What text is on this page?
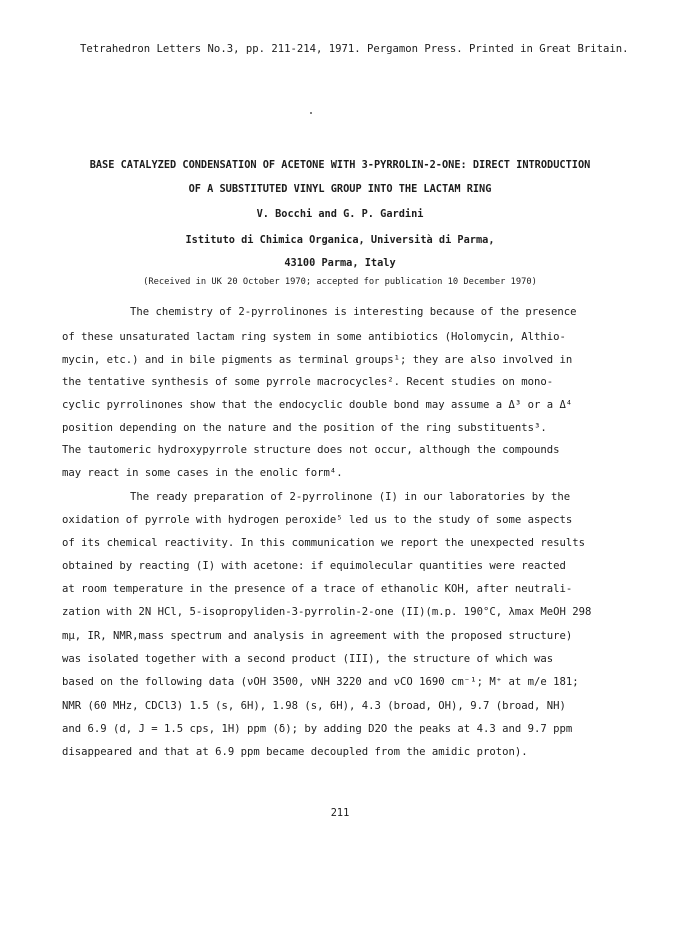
Tetrahedron Letters No.3, pp. 211-214, 1971. Pergamon Press. Printed in Great Britain.
BASE CATALYZED CONDENSATION OF ACETONE WITH 3-PYRROLIN-2-ONE: DIRECT INTRODUCTION
OF A SUBSTITUTED VINYL GROUP INTO THE LACTAM RING
V. Bocchi and G. P. Gardini
Istituto di Chimica Organica, Università di Parma,
43100 Parma, Italy
(Received in UK 20 October 1970; accepted for publication 10 December 1970)
The chemistry of 2-pyrrolinones is interesting because of the presence
of these unsaturated lactam ring system in some antibiotics (Holomycin, Althio-
mycin, etc.) and in bile pigments as terminal groups¹; they are also involved in
the tentative synthesis of some pyrrole macrocycles². Recent studies on mono-
cyclic pyrrolinones show that the endocyclic double bond may assume a Δ³ or a Δ⁴
position depending on the nature and the position of the ring substituents³.
The tautomeric hydroxypyrrole structure does not occur, although the compounds
may react in some cases in the enolic form⁴.
The ready preparation of 2-pyrrolinone (I) in our laboratories by the
oxidation of pyrrole with hydrogen peroxide⁵ led us to the study of some aspects
of its chemical reactivity. In this communication we report the unexpected results
obtained by reacting (I) with acetone: if equimolecular quantities were reacted
at room temperature in the presence of a trace of ethanolic KOH, after neutrali-
zation with 2N HCl, 5-isopropyliden-3-pyrrolin-2-one (II)(m.p. 190°C, λmax MeOH 298
mμ, IR, NMR,mass spectrum and analysis in agreement with the proposed structure)
was isolated together with a second product (III), the structure of which was
based on the following data (νOH 3500, νNH 3220 and νCO 1690 cm⁻¹; M⁺ at m/e 181;
NMR (60 MHz, CDCl3) 1.5 (s, 6H), 1.98 (s, 6H), 4.3 (broad, OH), 9.7 (broad, NH)
and 6.9 (d, J = 1.5 cps, 1H) ppm (δ); by adding D2O the peaks at 4.3 and 9.7 ppm
disappeared and that at 6.9 ppm became decoupled from the amidic proton).
211
